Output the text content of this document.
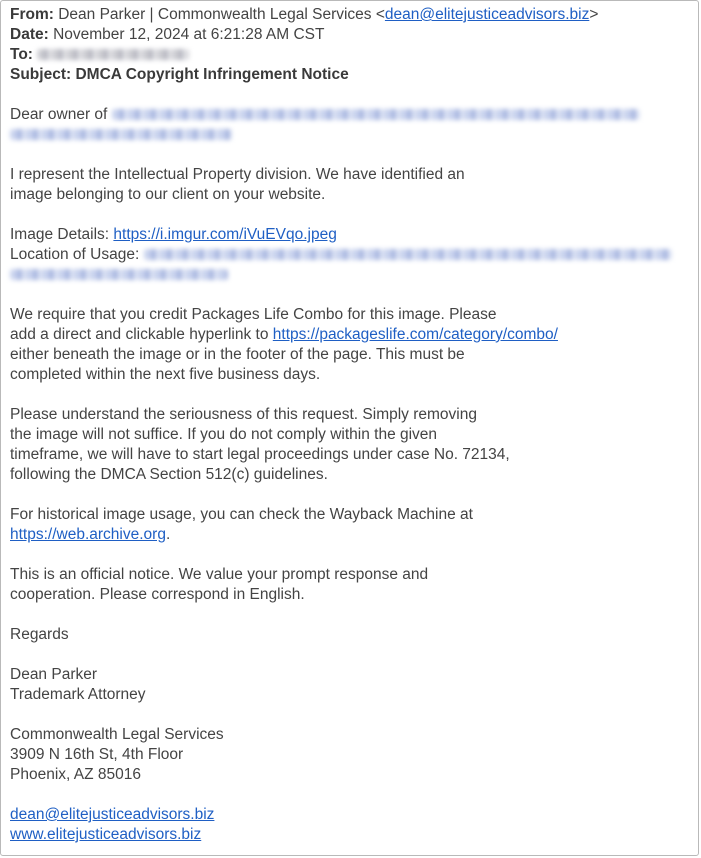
From: Dean Parker | Commonwealth Legal Services <dean@elitejusticeadvisors.biz>
Date: November 12, 2024 at 6:21:28 AM CST
To:
Subject: DMCA Copyright Infringement Notice
Dear owner of
I represent the Intellectual Property division. We have identified an
image belonging to our client on your website.
Image Details: https://i.imgur.com/iVuEVqo.jpeg
Location of Usage:
We require that you credit Packages Life Combo for this image. Please
add a direct and clickable hyperlink to https://packageslife.com/category/combo/
either beneath the image or in the footer of the page. This must be
completed within the next five business days.
Please understand the seriousness of this request. Simply removing
the image will not suffice. If you do not comply within the given
timeframe, we will have to start legal proceedings under case No. 72134,
following the DMCA Section 512(c) guidelines.
For historical image usage, you can check the Wayback Machine at
https://web.archive.org.
This is an official notice. We value your prompt response and
cooperation. Please correspond in English.
Regards
Dean Parker
Trademark Attorney
Commonwealth Legal Services
3909 N 16th St, 4th Floor
Phoenix, AZ 85016
dean@elitejusticeadvisors.biz
www.elitejusticeadvisors.biz
